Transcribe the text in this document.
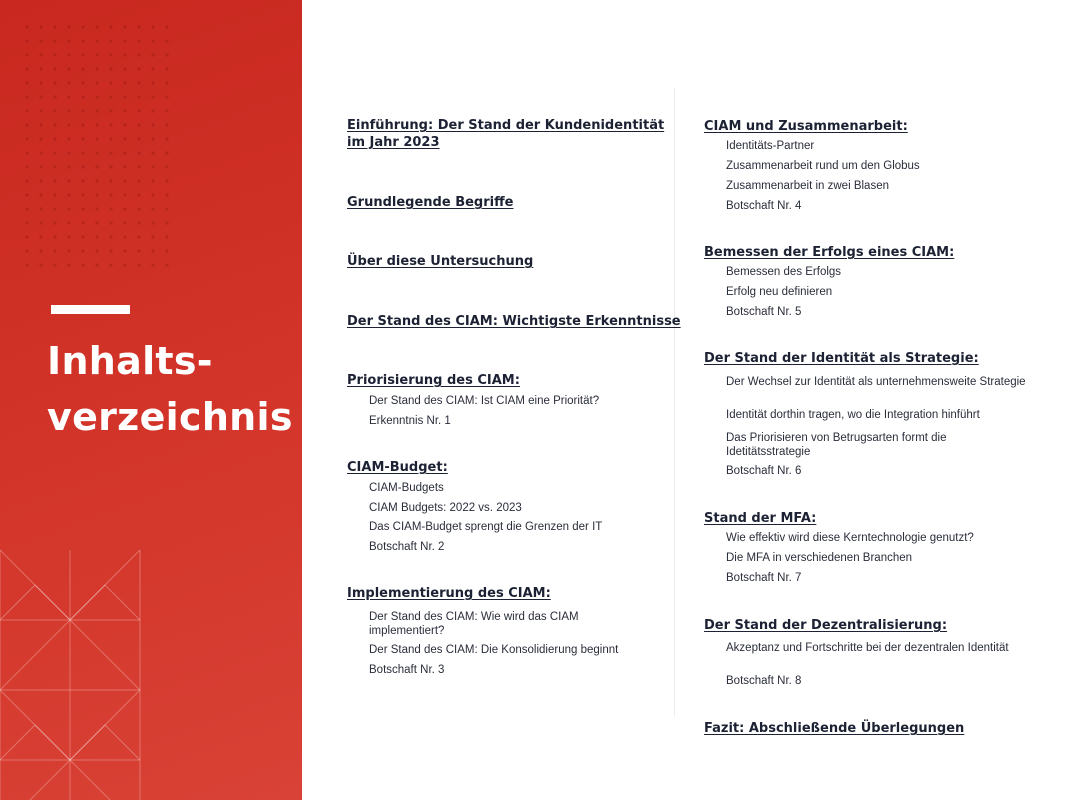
Inhalts-
verzeichnis
Einführung: Der Stand der Kundenidentität im Jahr 2023
Grundlegende Begriffe
Über diese Untersuchung
Der Stand des CIAM: Wichtigste Erkenntnisse
Priorisierung des CIAM:
Der Stand des CIAM: Ist CIAM eine Priorität?
Erkenntnis Nr. 1
CIAM-Budget:
CIAM-Budgets
CIAM Budgets: 2022 vs. 2023
Das CIAM-Budget sprengt die Grenzen der IT
Botschaft Nr. 2
Implementierung des CIAM:
Der Stand des CIAM: Wie wird das CIAM implementiert?
Der Stand des CIAM: Die Konsolidierung beginnt
Botschaft Nr. 3
CIAM und Zusammenarbeit:
Identitäts-Partner
Zusammenarbeit rund um den Globus
Zusammenarbeit in zwei Blasen
Botschaft Nr. 4
Bemessen der Erfolgs eines CIAM:
Bemessen des Erfolgs
Erfolg neu definieren
Botschaft Nr. 5
Der Stand der Identität als Strategie:
Der Wechsel zur Identität als unternehmensweite Strategie
Identität dorthin tragen, wo die Integration hinführt
Das Priorisieren von Betrugsarten formt die Idetitätsstrategie
Botschaft Nr. 6
Stand der MFA:
Wie effektiv wird diese Kerntechnologie genutzt?
Die MFA in verschiedenen Branchen
Botschaft Nr. 7
Der Stand der Dezentralisierung:
Akzeptanz und Fortschritte bei der dezentralen Identität
Botschaft Nr. 8
Fazit: Abschließende Überlegungen
